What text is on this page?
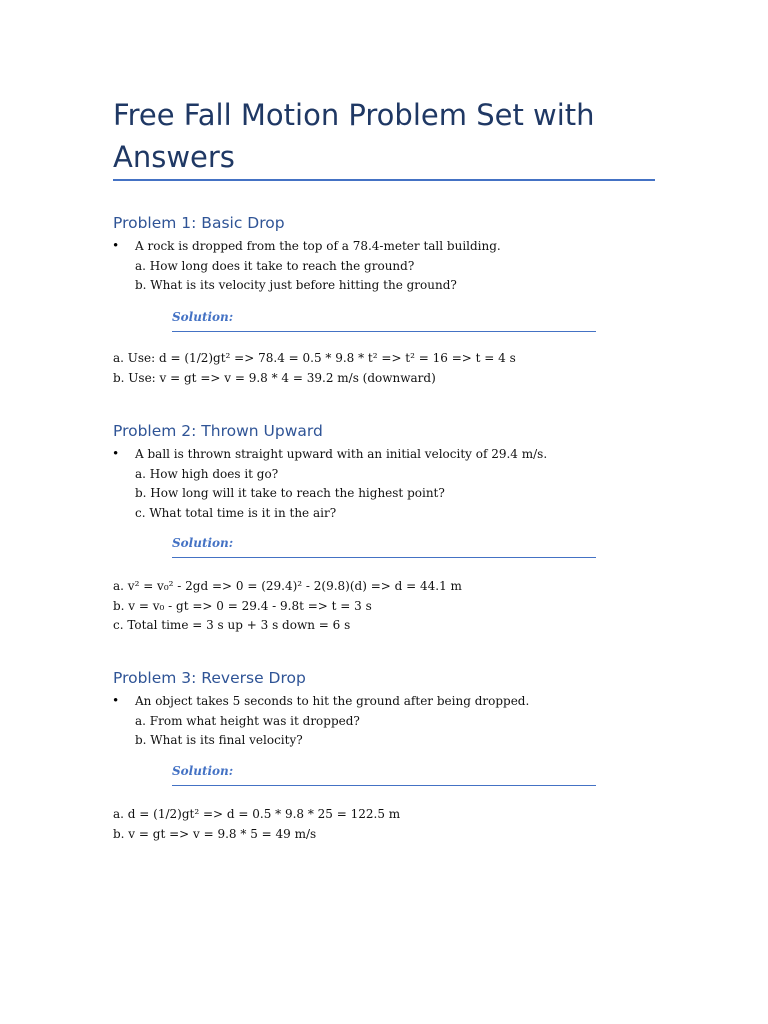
Free Fall Motion Problem Set with Answers
Problem 1: Basic Drop
•	A rock is dropped from the top of a 78.4-meter tall building.
a. How long does it take to reach the ground?
b. What is its velocity just before hitting the ground?
Solution:
a. Use: d = (1/2)gt² => 78.4 = 0.5 * 9.8 * t² => t² = 16 => t = 4 s
b. Use: v = gt => v = 9.8 * 4 = 39.2 m/s (downward)
Problem 2: Thrown Upward
•	A ball is thrown straight upward with an initial velocity of 29.4 m/s.
a. How high does it go?
b. How long will it take to reach the highest point?
c. What total time is it in the air?
Solution:
a. v² = v₀² - 2gd => 0 = (29.4)² - 2(9.8)(d) => d = 44.1 m
b. v = v₀ - gt => 0 = 29.4 - 9.8t => t = 3 s
c. Total time = 3 s up + 3 s down = 6 s
Problem 3: Reverse Drop
•	An object takes 5 seconds to hit the ground after being dropped.
a. From what height was it dropped?
b. What is its final velocity?
Solution:
a. d = (1/2)gt² => d = 0.5 * 9.8 * 25 = 122.5 m
b. v = gt => v = 9.8 * 5 = 49 m/s
